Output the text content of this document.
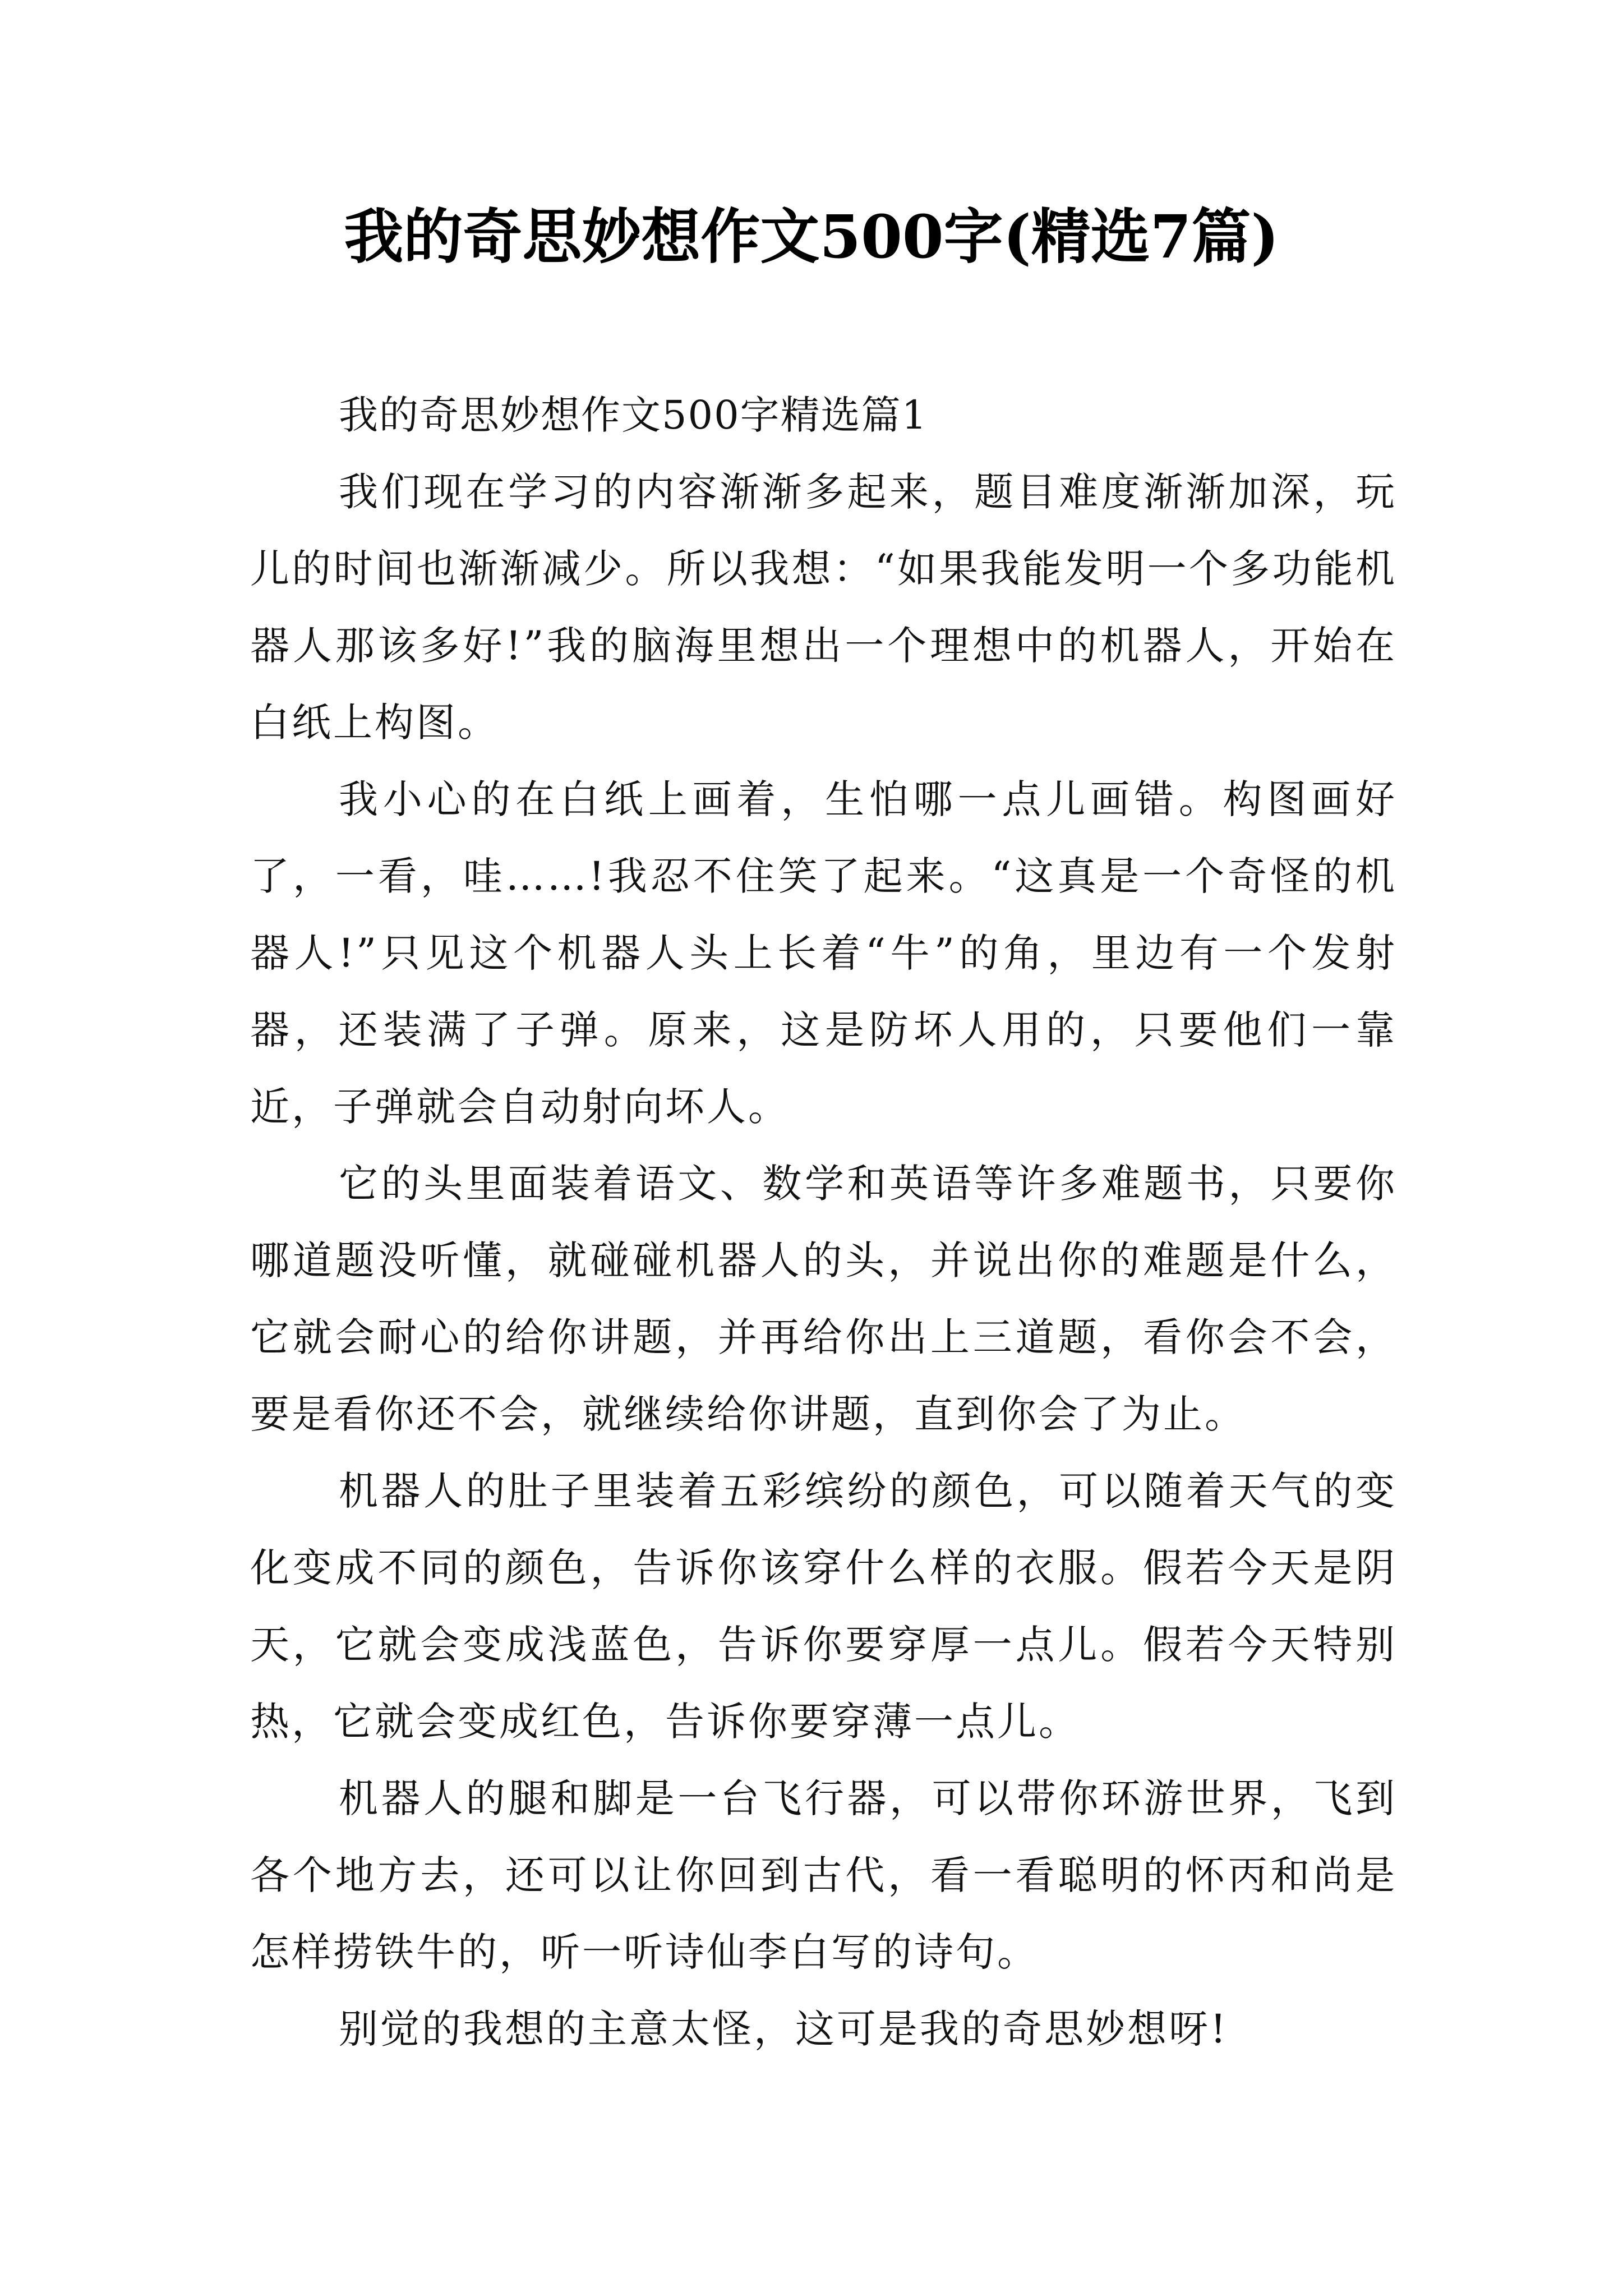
我的奇思妙想作文500字(精选7篇)

我的奇思妙想作文500字精选篇1

我们现在学习的内容渐渐多起来，题目难度渐渐加深，玩儿的时间也渐渐减少。所以我想：“如果我能发明一个多功能机器人那该多好!”我的脑海里想出一个理想中的机器人，开始在白纸上构图。

我小心的在白纸上画着，生怕哪一点儿画错。构图画好了，一看，哇……!我忍不住笑了起来。“这真是一个奇怪的机器人!”只见这个机器人头上长着“牛”的角，里边有一个发射器，还装满了子弹。原来，这是防坏人用的，只要他们一靠近，子弹就会自动射向坏人。

它的头里面装着语文、数学和英语等许多难题书，只要你哪道题没听懂，就碰碰机器人的头，并说出你的难题是什么，它就会耐心的给你讲题，并再给你出上三道题，看你会不会，要是看你还不会，就继续给你讲题，直到你会了为止。

机器人的肚子里装着五彩缤纷的颜色，可以随着天气的变化变成不同的颜色，告诉你该穿什么样的衣服。假若今天是阴天，它就会变成浅蓝色，告诉你要穿厚一点儿。假若今天特别热，它就会变成红色，告诉你要穿薄一点儿。

机器人的腿和脚是一台飞行器，可以带你环游世界，飞到各个地方去，还可以让你回到古代，看一看聪明的怀丙和尚是怎样捞铁牛的，听一听诗仙李白写的诗句。

别觉的我想的主意太怪，这可是我的奇思妙想呀!
